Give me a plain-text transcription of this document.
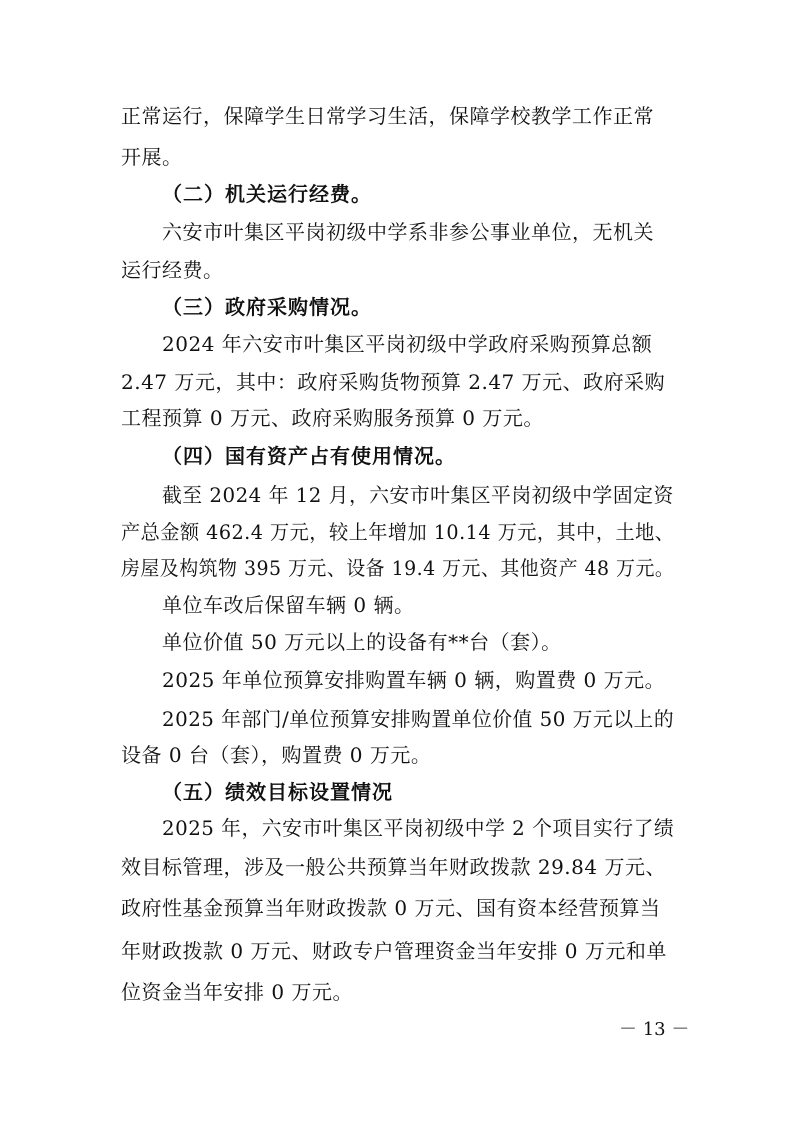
正常运行，保障学生日常学习生活，保障学校教学工作正常
开展。
（二）机关运行经费。
六安市叶集区平岗初级中学系非参公事业单位，无机关
运行经费。
（三）政府采购情况。
2024 年六安市叶集区平岗初级中学政府采购预算总额
2.47 万元，其中：政府采购货物预算 2.47 万元、政府采购
工程预算 0 万元、政府采购服务预算 0 万元。
（四）国有资产占有使用情况。
截至 2024 年 12 月，六安市叶集区平岗初级中学固定资
产总金额 462.4 万元，较上年增加 10.14 万元，其中，土地、
房屋及构筑物 395 万元、设备 19.4 万元、其他资产 48 万元。
单位车改后保留车辆 0 辆。
单位价值 50 万元以上的设备有**台（套）。
2025 年单位预算安排购置车辆 0 辆，购置费 0 万元。
2025 年部门/单位预算安排购置单位价值 50 万元以上的
设备 0 台（套），购置费 0 万元。
（五）绩效目标设置情况
2025 年，六安市叶集区平岗初级中学 2 个项目实行了绩
效目标管理，涉及一般公共预算当年财政拨款 29.84 万元、
政府性基金预算当年财政拨款 0 万元、国有资本经营预算当
年财政拨款 0 万元、财政专户管理资金当年安排 0 万元和单
位资金当年安排 0 万元。
－ 13 －
